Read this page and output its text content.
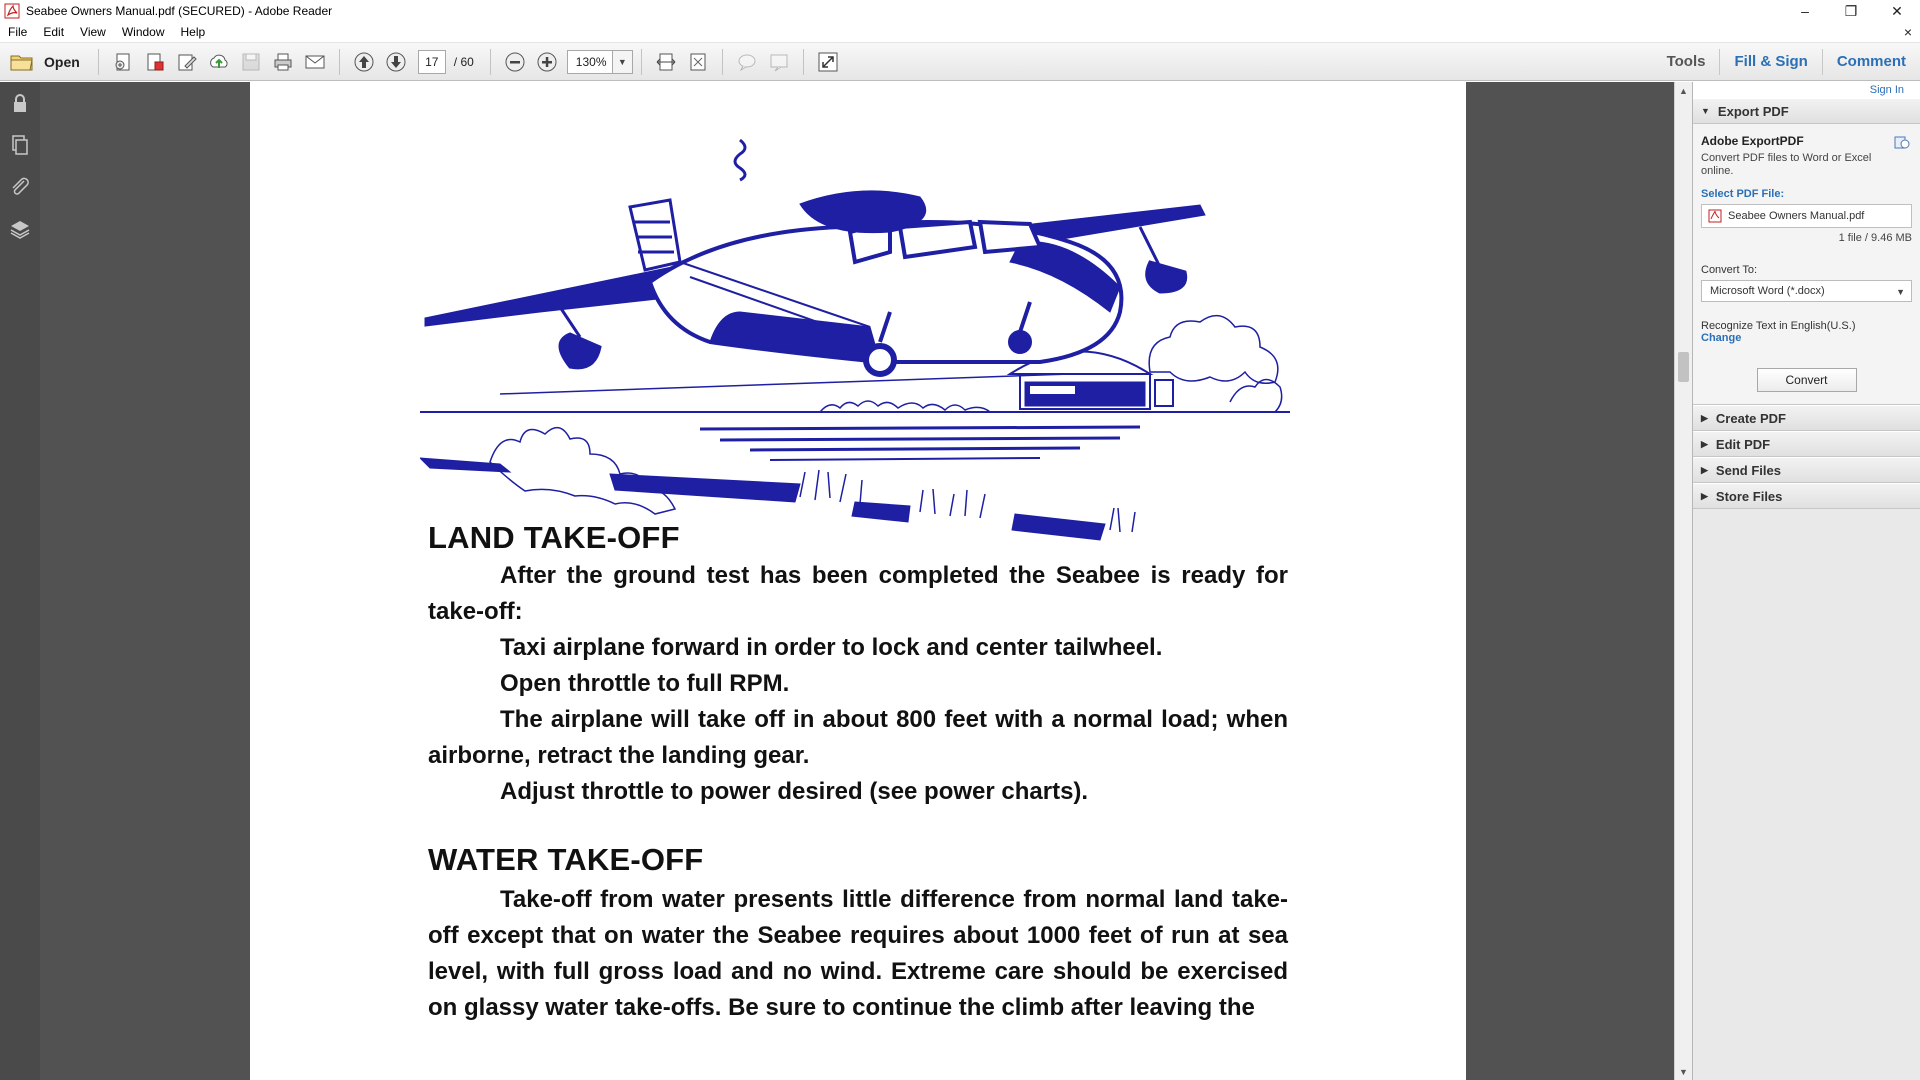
Seabee Owners Manual.pdf (SECURED) - Adobe Reader	–	❐	✕
File	Edit	View	Window	Help	×
Open	17	/ 60	130%	▼	Tools	Fill & Sign	Comment
LAND TAKE-OFF
After the ground test has been completed the Seabee is ready for take-off:
Taxi airplane forward in order to lock and center tailwheel.
Open throttle to full RPM.
The airplane will take off in about 800 feet with a normal load; when airborne, retract the landing gear.
Adjust throttle to power desired (see power charts).
WATER TAKE-OFF
Take-off from water presents little difference from normal land take-off except that on water the Seabee requires about 1000 feet of run at sea level, with full gross load and no wind. Extreme care should be exercised on glassy water take-offs. Be sure to continue the climb after leaving the
▲
▼
Sign In
▼ Export PDF
Adobe ExportPDF
Convert PDF files to Word or Excel online.
Select PDF File:
Seabee Owners Manual.pdf
1 file / 9.46 MB
Convert To:
Microsoft Word (*.docx)	▼
Recognize Text in English(U.S.)
Change
Convert
▶ Create PDF
▶ Edit PDF
▶ Send Files
▶ Store Files
